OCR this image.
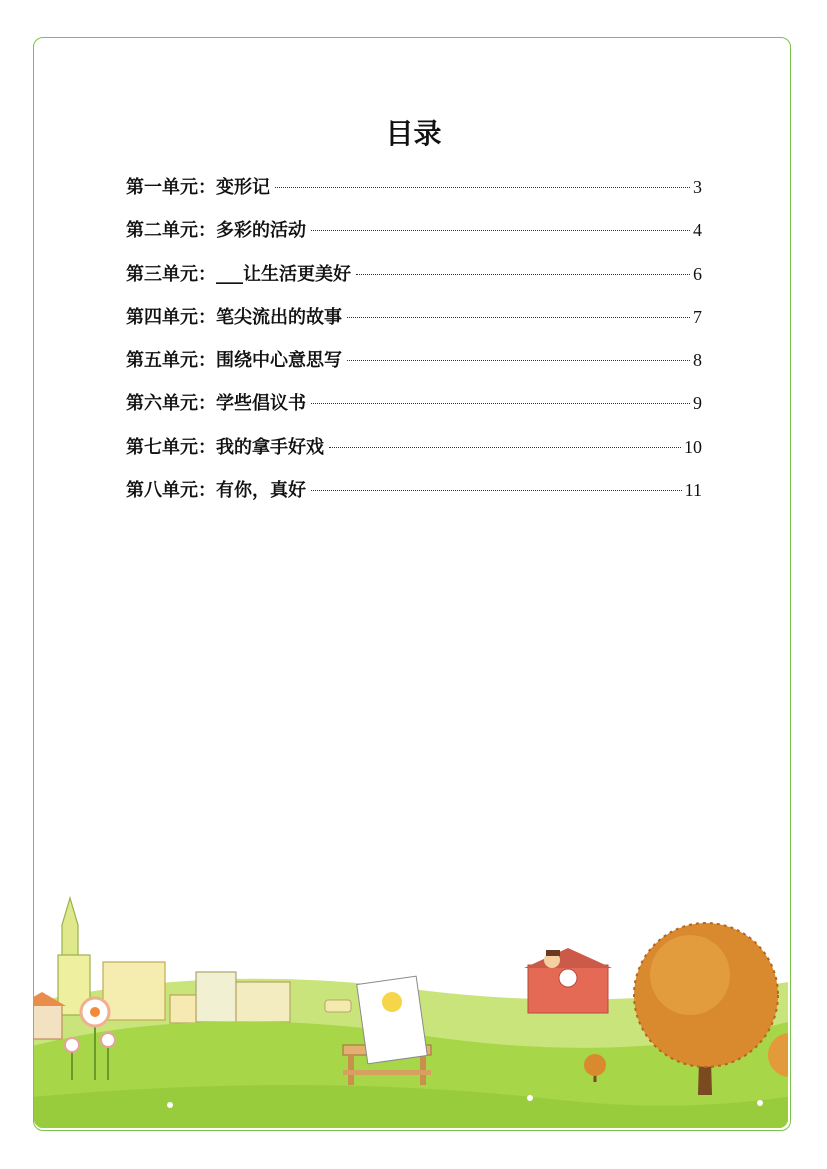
目录
第一单元 ： 变形记	3
第二单元 ： 多彩的活动	4
第三单元 ： ___让生活更美好	6
第四单元 ： 笔尖流出的故事	7
第五单元 ： 围绕中心意思写	8
第六单元 ： 学些倡议书	9
第七单元 ： 我的拿手好戏	10
第八单元 ： 有你，真好	11
